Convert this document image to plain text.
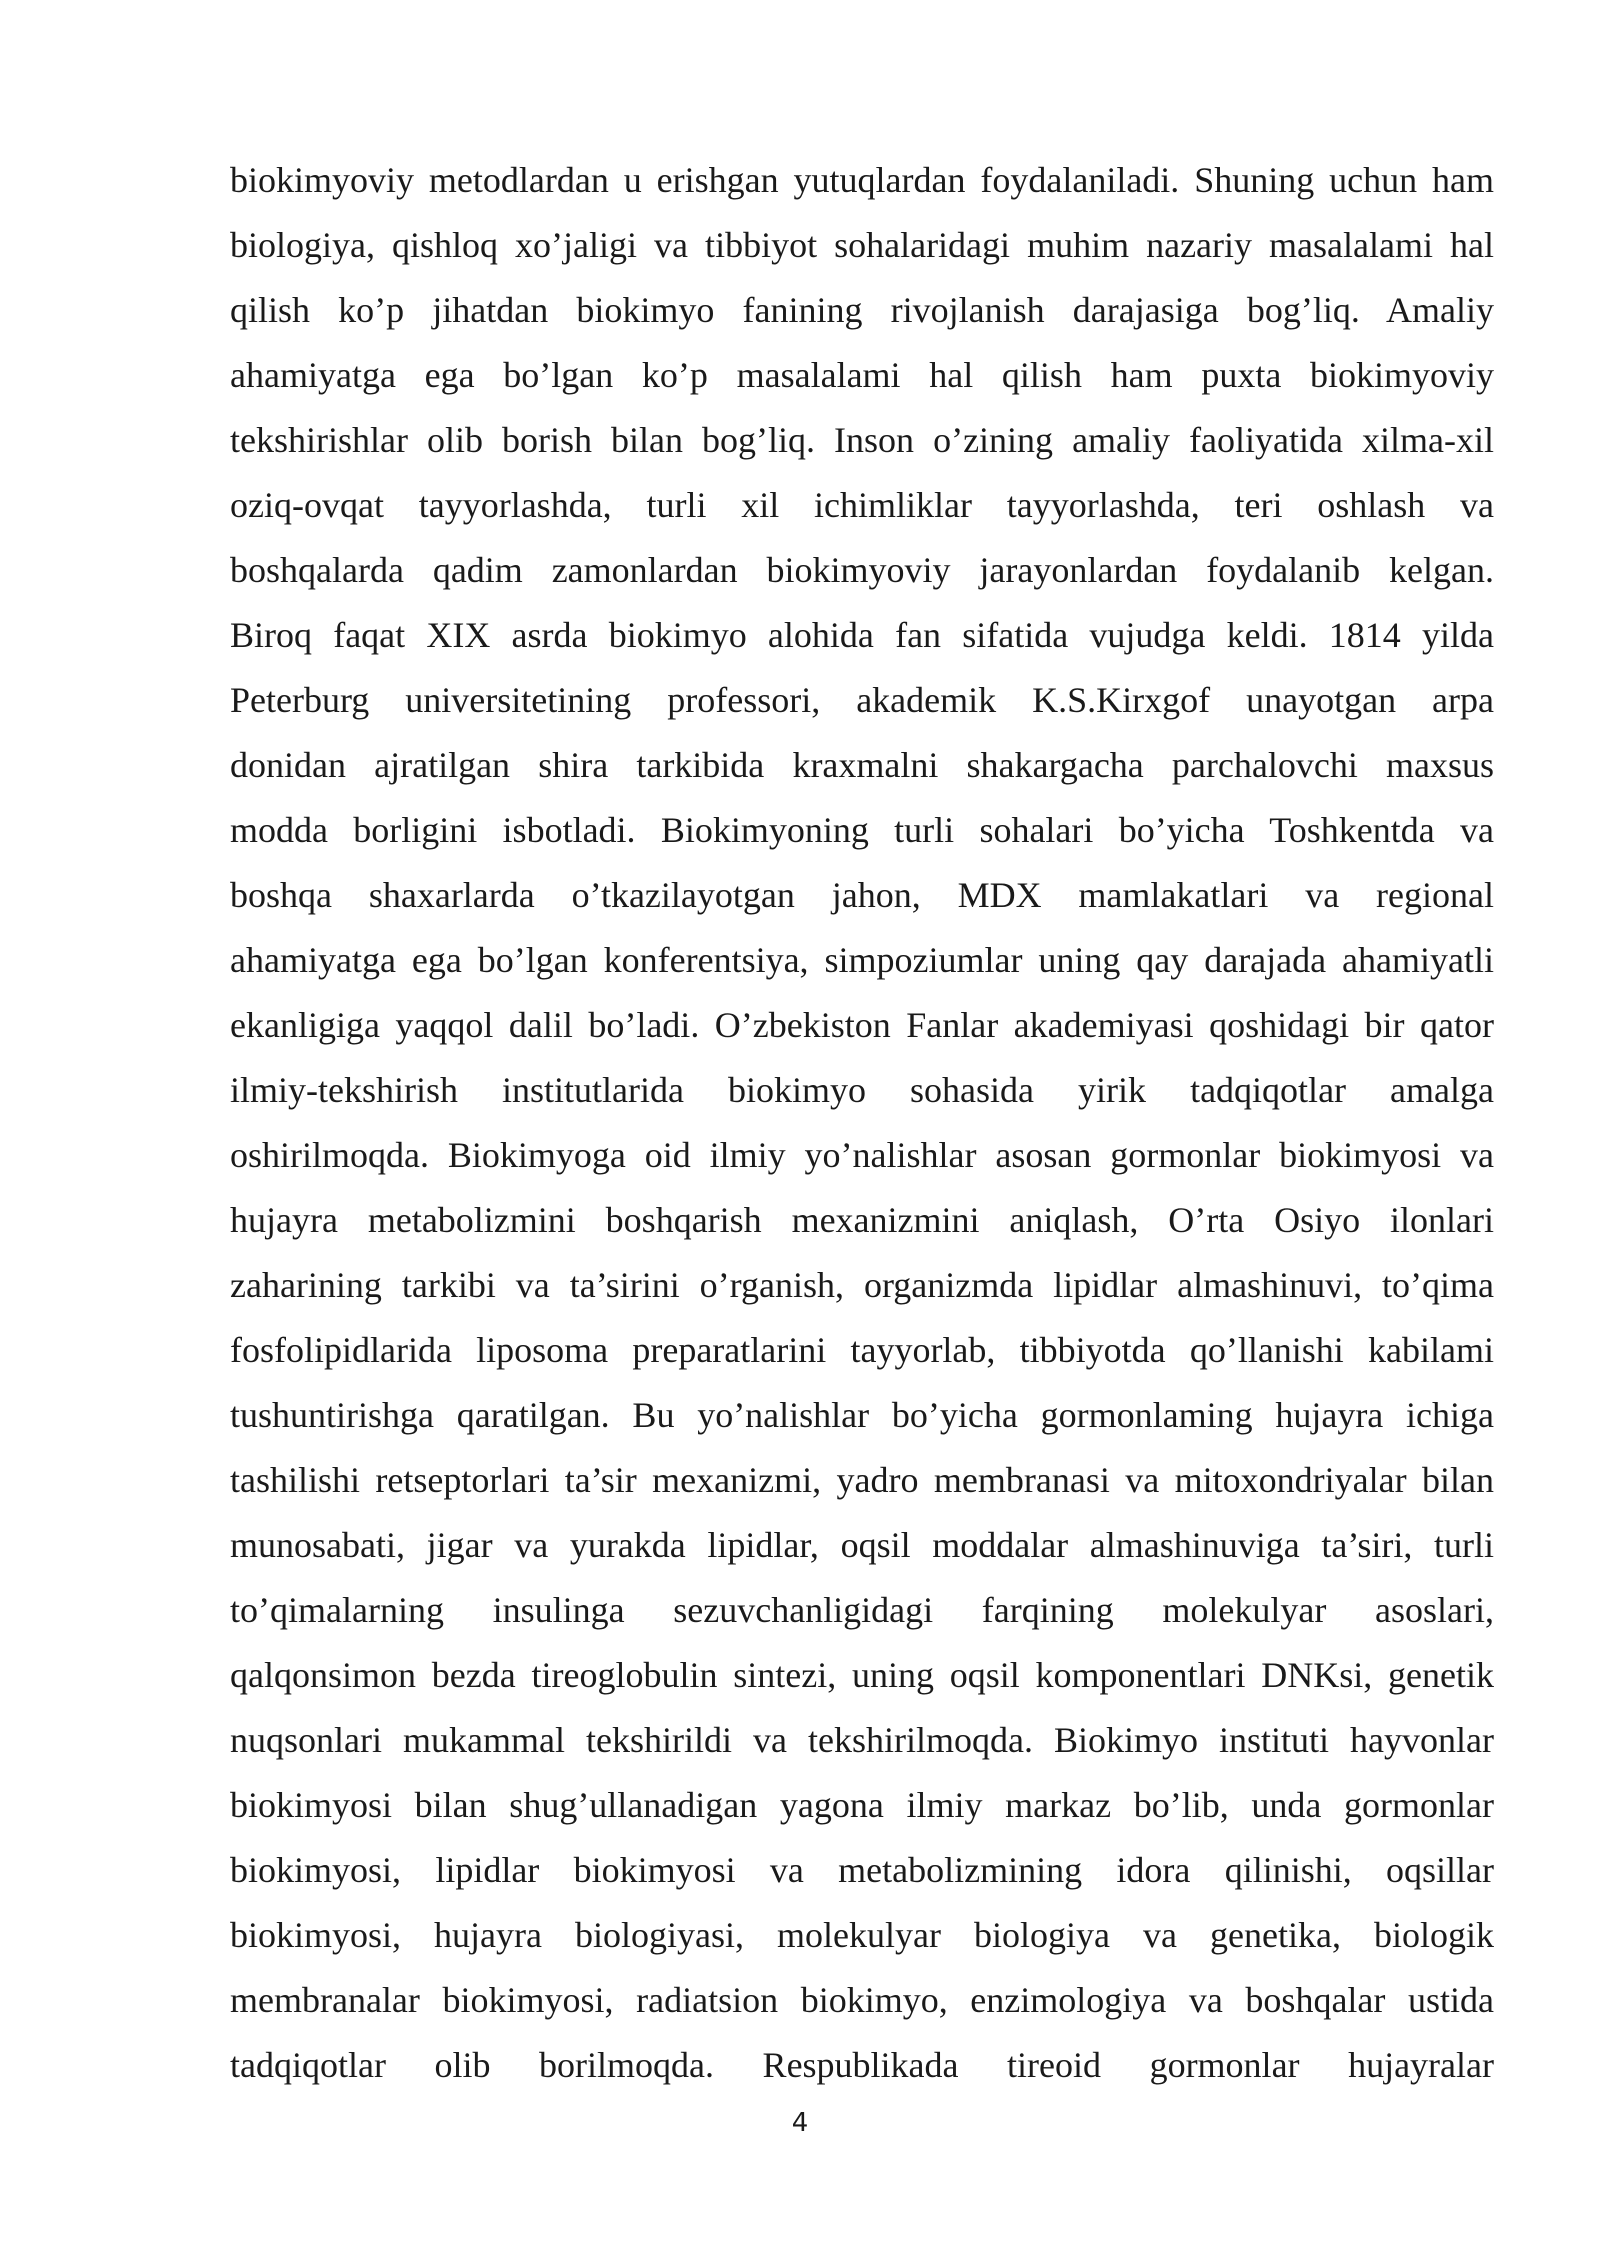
biokimyoviy metodlardan u erishgan yutuqlardan foydalaniladi. Shuning uchun ham
biologiya, qishloq xo’jaligi va tibbiyot sohalaridagi muhim nazariy masalalami hal
qilish ko’p jihatdan biokimyo fanining rivojlanish darajasiga bog’liq. Amaliy
ahamiyatga ega bo’lgan ko’p masalalami hal qilish ham puxta biokimyoviy
tekshirishlar olib borish bilan bog’liq. Inson o’zining amaliy faoliyatida xilma-xil
oziq-ovqat tayyorlashda, turli xil ichimliklar tayyorlashda, teri oshlash va
boshqalarda qadim zamonlardan biokimyoviy jarayonlardan foydalanib kelgan.
Biroq faqat XIX asrda biokimyo alohida fan sifatida vujudga keldi. 1814 yilda
Peterburg universitetining professori, akademik K.S.Kirxgof unayotgan arpa
donidan ajratilgan shira tarkibida kraxmalni shakargacha parchalovchi maxsus
modda borligini isbotladi. Biokimyoning turli sohalari bo’yicha Toshkentda va
boshqa shaxarlarda o’tkazilayotgan jahon, MDX mamlakatlari va regional
ahamiyatga ega bo’lgan konferentsiya, simpoziumlar uning qay darajada ahamiyatli
ekanligiga yaqqol dalil bo’ladi. O’zbekiston Fanlar akademiyasi qoshidagi bir qator
ilmiy-tekshirish institutlarida biokimyo sohasida yirik tadqiqotlar amalga
oshirilmoqda. Biokimyoga oid ilmiy yo’nalishlar asosan gormonlar biokimyosi va
hujayra metabolizmini boshqarish mexanizmini aniqlash, O’rta Osiyo ilonlari
zaharining tarkibi va ta’sirini o’rganish, organizmda lipidlar almashinuvi, to’qima
fosfolipidlarida liposoma preparatlarini tayyorlab, tibbiyotda qo’llanishi kabilami
tushuntirishga qaratilgan. Bu yo’nalishlar bo’yicha gormonlaming hujayra ichiga
tashilishi retseptorlari ta’sir mexanizmi, yadro membranasi va mitoxondriyalar bilan
munosabati, jigar va yurakda lipidlar, oqsil moddalar almashinuviga ta’siri, turli
to’qimalarning insulinga sezuvchanligidagi farqining molekulyar asoslari,
qalqonsimon bezda tireoglobulin sintezi, uning oqsil komponentlari DNKsi, genetik
nuqsonlari mukammal tekshirildi va tekshirilmoqda. Biokimyo instituti hayvonlar
biokimyosi bilan shug’ullanadigan yagona ilmiy markaz bo’lib, unda gormonlar
biokimyosi, lipidlar biokimyosi va metabolizmining idora qilinishi, oqsillar
biokimyosi, hujayra biologiyasi, molekulyar biologiya va genetika, biologik
membranalar biokimyosi, radiatsion biokimyo, enzimologiya va boshqalar ustida
tadqiqotlar olib borilmoqda. Respublikada tireoid gormonlar hujayralar
4
